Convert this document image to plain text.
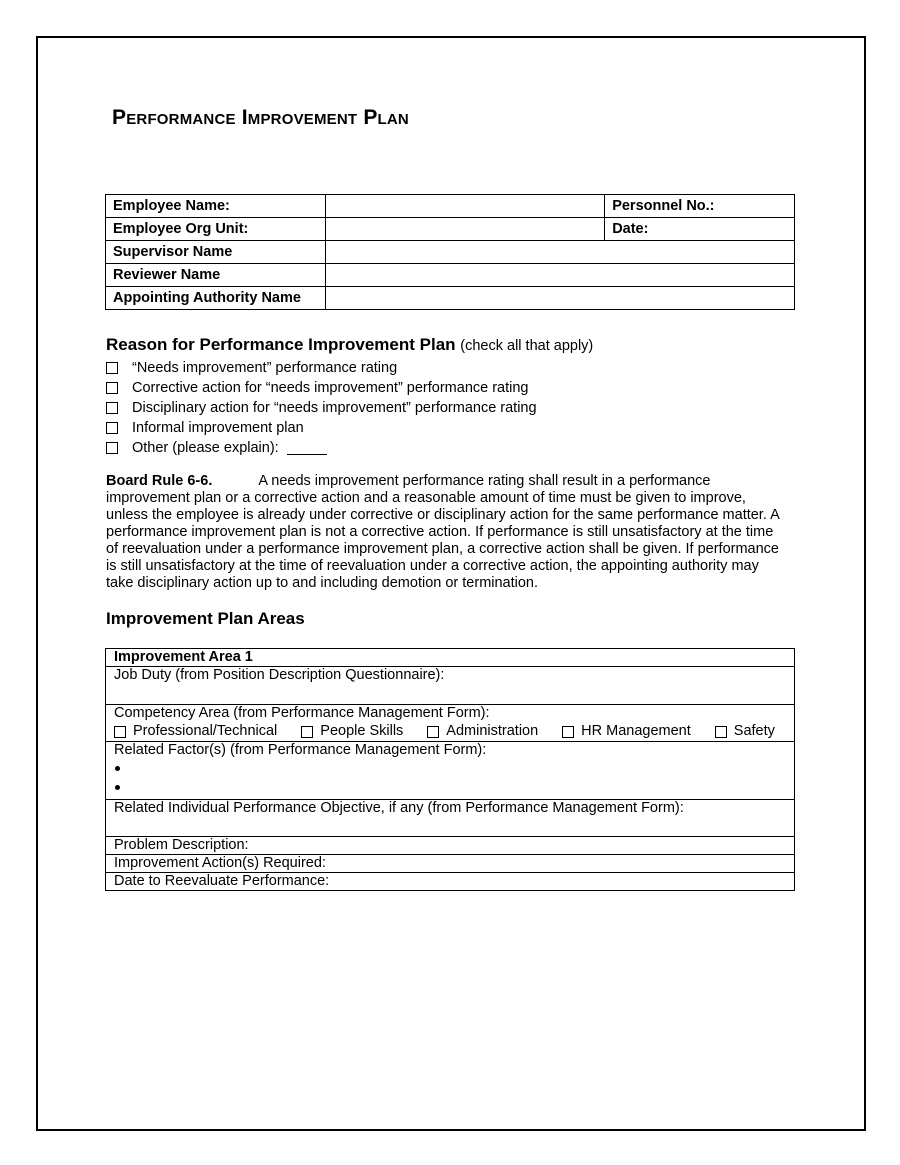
Performance Improvement Plan
Employee Name:		Personnel No.:
Employee Org Unit:		Date:
Supervisor Name		
Reviewer Name		
Appointing Authority Name		
Reason for Performance Improvement Plan (check all that apply)
“Needs improvement” performance rating
Corrective action for “needs improvement” performance rating
Disciplinary action for “needs improvement” performance rating
Informal improvement plan
Other (please explain):

Board Rule 6-6.	A needs improvement performance rating shall result in a performance improvement plan or a corrective action and a reasonable amount of time must be given to improve, unless the employee is already under corrective or disciplinary action for the same performance matter. A performance improvement plan is not a corrective action. If performance is still unsatisfactory at the time of reevaluation under a performance improvement plan, a corrective action shall be given. If performance is still unsatisfactory at the time of reevaluation under a corrective action, the appointing authority may take disciplinary action up to and including demotion or termination.

Improvement Plan Areas
Improvement Area 1
Job Duty (from Position Description Questionnaire):

Competency Area (from Performance Management Form):
Professional/Technical	People Skills	Administration	HR Management	Safety

Related Factor(s) (from Performance Management Form):

Related Individual Performance Objective, if any (from Performance Management Form):
Problem Description:
Improvement Action(s) Required:
Date to Reevaluate Performance:
